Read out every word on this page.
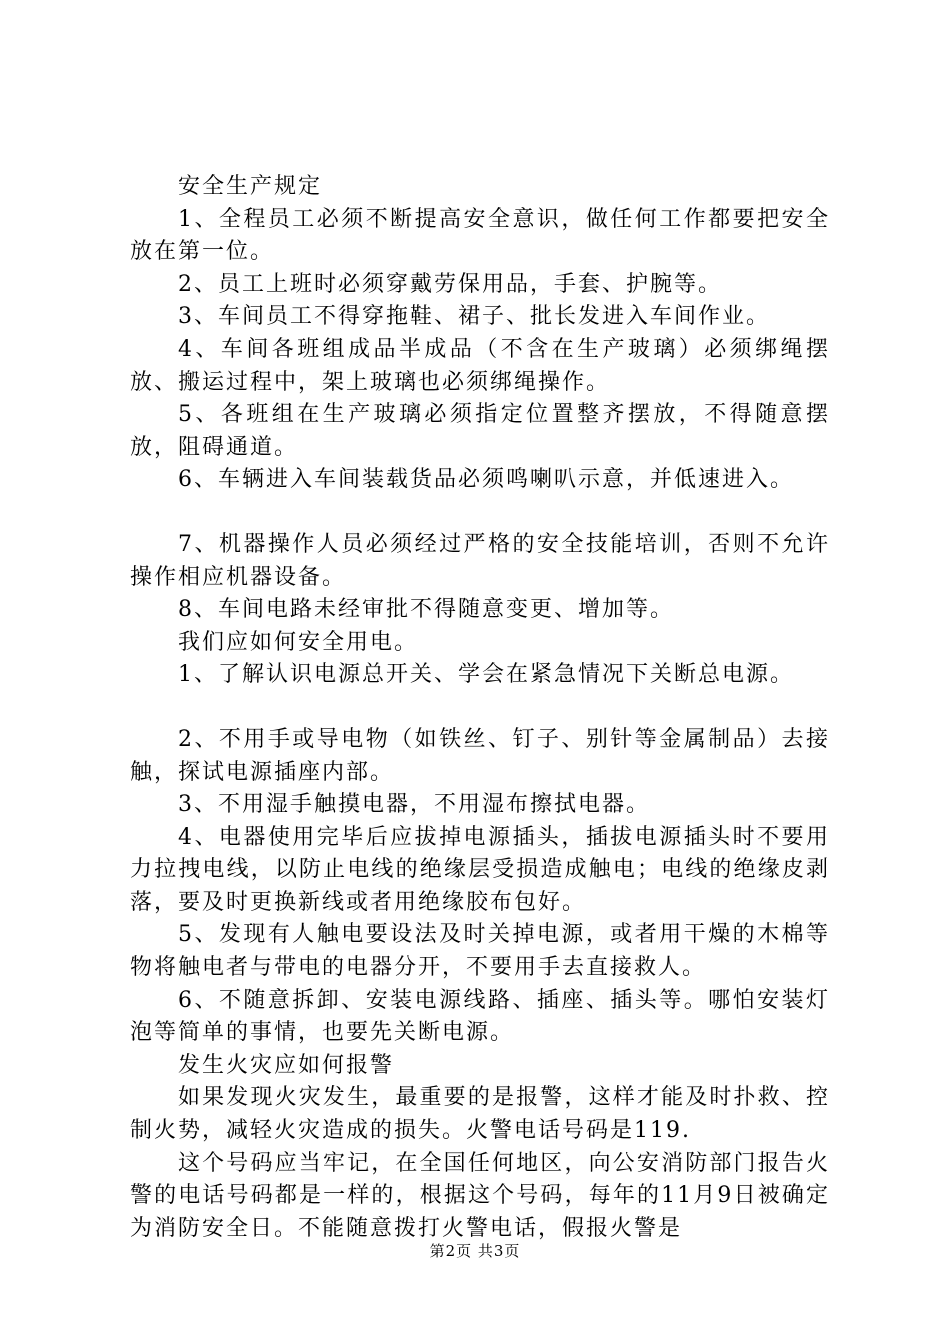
安全生产规定

1、全程员工必须不断提高安全意识，做任何工作都要把安全放在第一位。

2、员工上班时必须穿戴劳保用品，手套、护腕等。

3、车间员工不得穿拖鞋、裙子、批长发进入车间作业。

4、车间各班组成品半成品（不含在生产玻璃）必须绑绳摆放、搬运过程中，架上玻璃也必须绑绳操作。

5、各班组在生产玻璃必须指定位置整齐摆放，不得随意摆放，阻碍通道。

6、车辆进入车间装载货品必须鸣喇叭示意，并低速进入。

7、机器操作人员必须经过严格的安全技能培训，否则不允许操作相应机器设备。

8、车间电路未经审批不得随意变更、增加等。

我们应如何安全用电。

1、了解认识电源总开关、学会在紧急情况下关断总电源。

2、不用手或导电物（如铁丝、钉子、别针等金属制品）去接触，探试电源插座内部。

3、不用湿手触摸电器，不用湿布擦拭电器。

4、电器使用完毕后应拔掉电源插头，插拔电源插头时不要用力拉拽电线，以防止电线的绝缘层受损造成触电；电线的绝缘皮剥落，要及时更换新线或者用绝缘胶布包好。

5、发现有人触电要设法及时关掉电源，或者用干燥的木棉等物将触电者与带电的电器分开，不要用手去直接救人。

6、不随意拆卸、安装电源线路、插座、插头等。哪怕安装灯泡等简单的事情，也要先关断电源。

发生火灾应如何报警

如果发现火灾发生，最重要的是报警，这样才能及时扑救、控制火势，减轻火灾造成的损失。火警电话号码是119.

这个号码应当牢记，在全国任何地区，向公安消防部门报告火警的电话号码都是一样的，根据这个号码，每年的11月9日被确定为消防安全日。不能随意拨打火警电话，假报火警是

第2页 共3页
